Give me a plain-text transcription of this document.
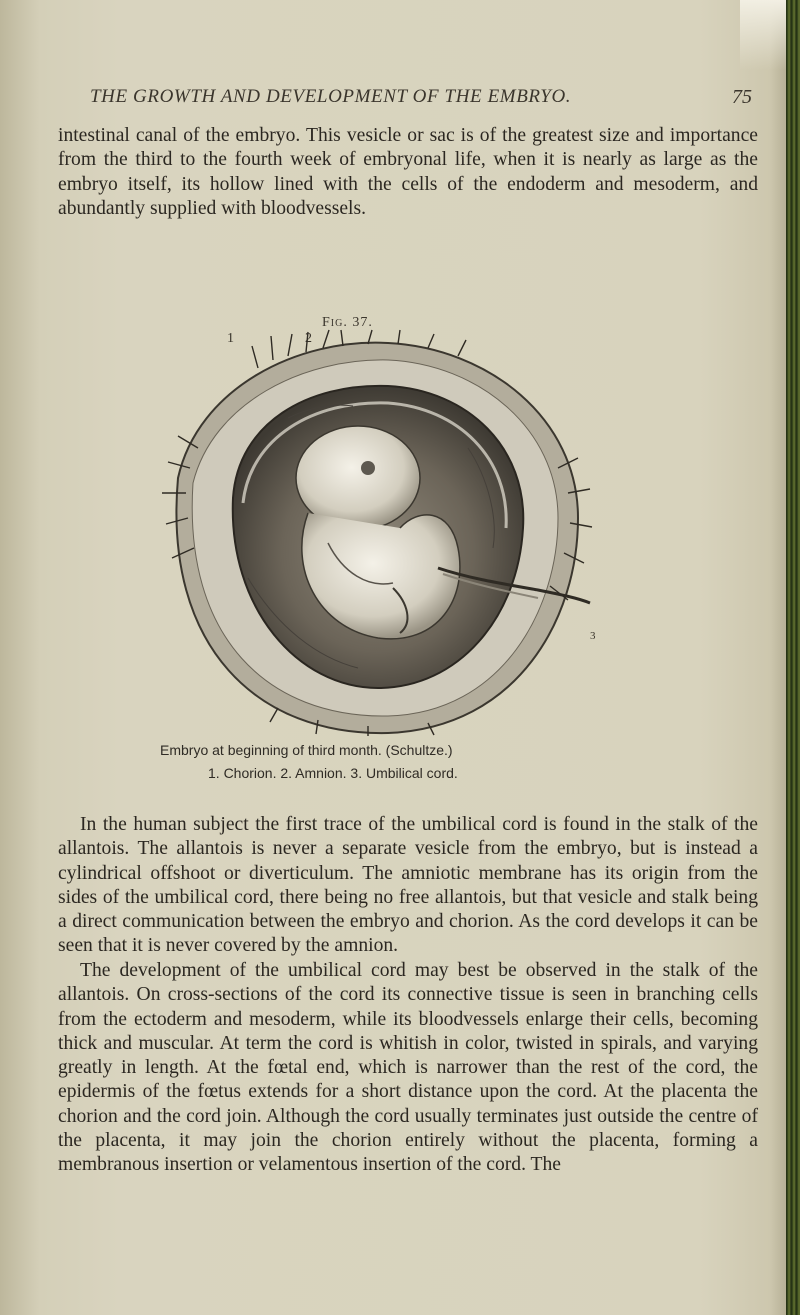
THE GROWTH AND DEVELOPMENT OF THE EMBRYO.	75
intestinal canal of the embryo. This vesicle or sac is of the greatest size and importance from the third to the fourth week of embryonal life, when it is nearly as large as the embryo itself, its hollow lined with the cells of the endoderm and mesoderm, and abundantly supplied with bloodvessels.
Fig. 37.
1	2
3
Embryo at beginning of third month. (Schultze.)
1. Chorion. 2. Amnion. 3. Umbilical cord.
In the human subject the first trace of the umbilical cord is found in the stalk of the allantois. The allantois is never a separate vesicle from the embryo, but is instead a cylindrical offshoot or diverticulum. The amniotic membrane has its origin from the sides of the umbilical cord, there being no free allantois, but that vesicle and stalk being a direct communication between the embryo and chorion. As the cord develops it can be seen that it is never covered by the amnion.
The development of the umbilical cord may best be observed in the stalk of the allantois. On cross-sections of the cord its connective tissue is seen in branching cells from the ectoderm and mesoderm, while its bloodvessels enlarge their cells, becoming thick and muscular. At term the cord is whitish in color, twisted in spirals, and varying greatly in length. At the fœtal end, which is narrower than the rest of the cord, the epidermis of the fœtus extends for a short distance upon the cord. At the placenta the chorion and the cord join. Although the cord usually terminates just outside the centre of the placenta, it may join the chorion entirely without the placenta, forming a membranous insertion or velamentous insertion of the cord. The
